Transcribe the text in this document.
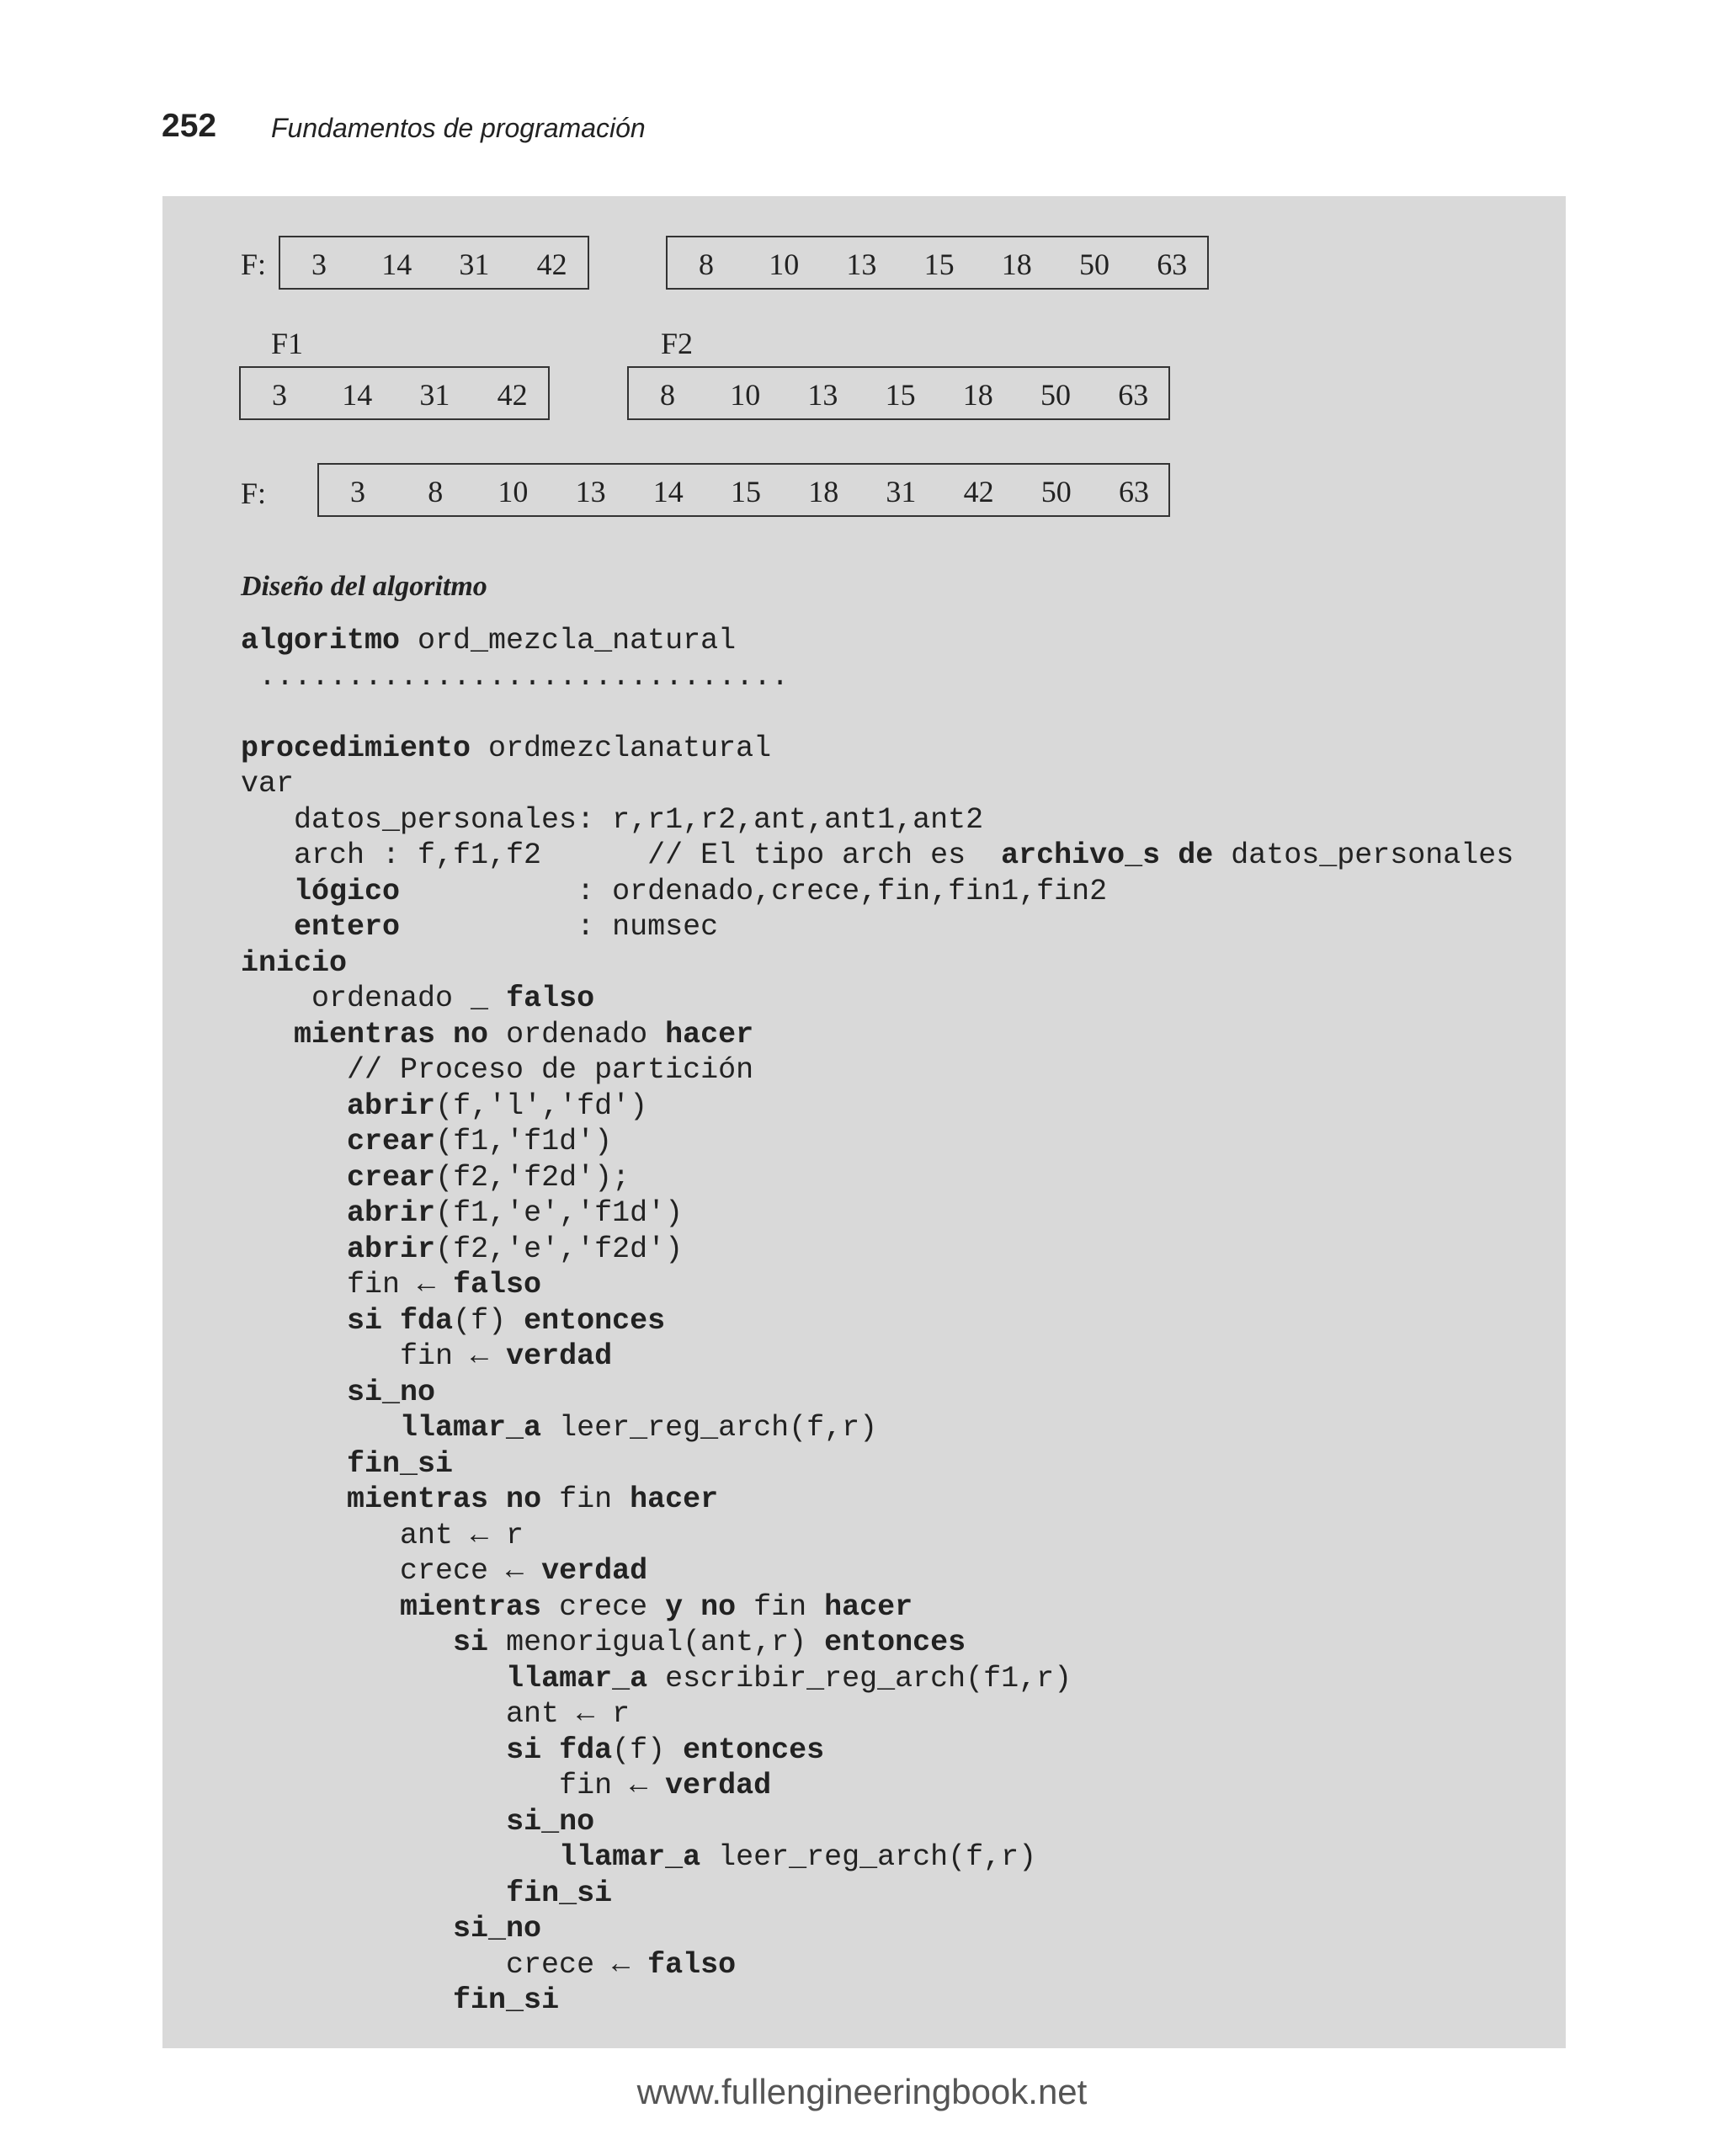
252 Fundamentos de programación
F:	3	14	31	42	8	10	13	15	18	50	63
F1	F2
3	14	31	42	8	10	13	15	18	50	63
F:	3	8	10	13	14	15	18	31	42	50	63
Diseño del algoritmo
algoritmo ord_mezcla_natural
..............................
procedimiento ordmezclanatural
var
datos_personales: r,r1,r2,ant,ant1,ant2
arch : f,f1,f2      // El tipo arch es  archivo_s de datos_personales
lógico          : ordenado,crece,fin,fin1,fin2
entero          : numsec
inicio
ordenado _ falso
mientras no ordenado hacer
// Proceso de partición
abrir(f,'l','fd')
crear(f1,'f1d')
crear(f2,'f2d');
abrir(f1,'e','f1d')
abrir(f2,'e','f2d')
fin ← falso
si fda(f) entonces
fin ← verdad
si_no
llamar_a leer_reg_arch(f,r)
fin_si
mientras no fin hacer
ant ← r
crece ← verdad
mientras crece y no fin hacer
si menorigual(ant,r) entonces
llamar_a escribir_reg_arch(f1,r)
ant ← r
si fda(f) entonces
fin ← verdad
si_no
llamar_a leer_reg_arch(f,r)
fin_si
si_no
crece ← falso
fin_si
www.fullengineeringbook.net
